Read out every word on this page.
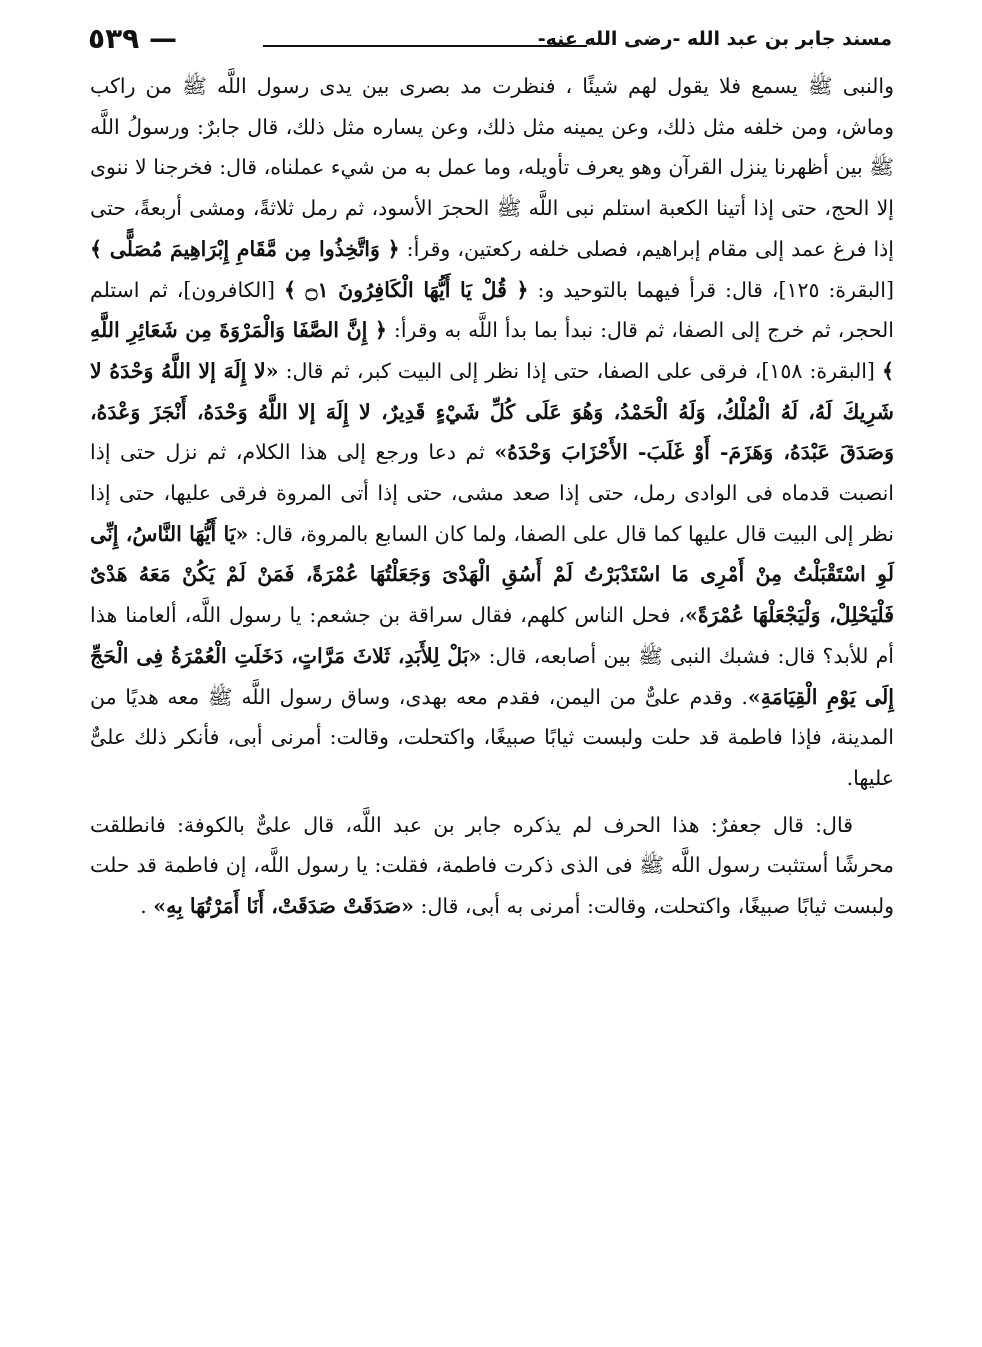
مسند جابر بن عبد الله -رضى الله عنه-
٥٣٩ —

والنبى ﷺ يسمع فلا يقول لهم شيئًا ، فنظرت مد بصرى بين يدى رسول اللَّه ﷺ من راكب وماش، ومن خلفه مثل ذلك، وعن يمينه مثل ذلك، وعن يساره مثل ذلك، قال جابرٌ: ورسولُ اللَّه ﷺ بين أظهرنا ينزل القرآن وهو يعرف تأويله، وما عمل به من شيء عملناه، قال: فخرجنا لا ننوى إلا الحج، حتى إذا أتينا الكعبة استلم نبى اللَّه ﷺ الحجرَ الأسود، ثم رمل ثلاثةً، ومشى أربعةً، حتى إذا فرغ عمد إلى مقام إبراهيم، فصلى خلفه ركعتين، وقرأ: ﴿ وَاتَّخِذُوا مِن مَّقَامِ إِبْرَاهِيمَ مُصَلًّى ﴾ [البقرة: ١٢٥]، قال: قرأ فيهما بالتوحيد و: ﴿ قُلْ يَا أَيُّهَا الْكَافِرُونَ ۝١ ﴾ [الكافرون]، ثم استلم الحجر، ثم خرج إلى الصفا، ثم قال: نبدأ بما بدأ اللَّه به وقرأ: ﴿ إِنَّ الصَّفَا وَالْمَرْوَةَ مِن شَعَائِرِ اللَّهِ ﴾ [البقرة: ١٥٨]، فرقى على الصفا، حتى إذا نظر إلى البيت كبر، ثم قال: «لا إِلَهَ إلا اللَّهُ وَحْدَهُ لا شَرِيكَ لَهُ، لَهُ الْمُلْكُ، وَلَهُ الْحَمْدُ، وَهُوَ عَلَى كُلِّ شَيْءٍ قَدِيرٌ، لا إِلَهَ إلا اللَّهُ وَحْدَهُ، أَنْجَزَ وَعْدَهُ، وَصَدَقَ عَبْدَهُ، وَهَزَمَ- أَوْ غَلَبَ- الأَحْزَابَ وَحْدَهُ» ثم دعا ورجع إلى هذا الكلام، ثم نزل حتى إذا انصبت قدماه فى الوادى رمل، حتى إذا صعد مشى، حتى إذا أتى المروة فرقى عليها، حتى إذا نظر إلى البيت قال عليها كما قال على الصفا، ولما كان السابع بالمروة، قال: «يَا أَيُّهَا النَّاسُ، إِنِّى لَوِ اسْتَقْبَلْتُ مِنْ أَمْرِى مَا اسْتَدْبَرْتُ لَمْ أَسُقِ الْهَدْىَ وَجَعَلْتُهَا عُمْرَةً، فَمَنْ لَمْ يَكُنْ مَعَهُ هَدْىٌ فَلْيَحْلِلْ، وَلْيَجْعَلْهَا عُمْرَةً»، فحل الناس كلهم، فقال سراقة بن جشعم: يا رسول اللَّه، ألعامنا هذا أم للأبد؟ قال: فشبك النبى ﷺ بين أصابعه، قال: «بَلْ لِلأَبَدِ، ثَلاثَ مَرَّاتٍ، دَخَلَتِ الْعُمْرَةُ فِى الْحَجِّ إِلَى يَوْمِ الْقِيَامَةِ». وقدم علىٌّ من اليمن، فقدم معه بهدى، وساق رسول اللَّه ﷺ معه هديًا من المدينة، فإذا فاطمة قد حلت ولبست ثيابًا صبيغًا، واكتحلت، وقالت: أمرنى أبى، فأنكر ذلك علىٌّ عليها.

قال: قال جعفرٌ: هذا الحرف لم يذكره جابر بن عبد اللَّه، قال علىٌّ بالكوفة: فانطلقت محرشًا أستثبت رسول اللَّه ﷺ فى الذى ذكرت فاطمة، فقلت: يا رسول اللَّه، إن فاطمة قد حلت ولبست ثيابًا صبيغًا، واكتحلت، وقالت: أمرنى به أبى، قال: «صَدَقَتْ صَدَقَتْ، أَنَا أَمَرْتُهَا بِهِ» .
